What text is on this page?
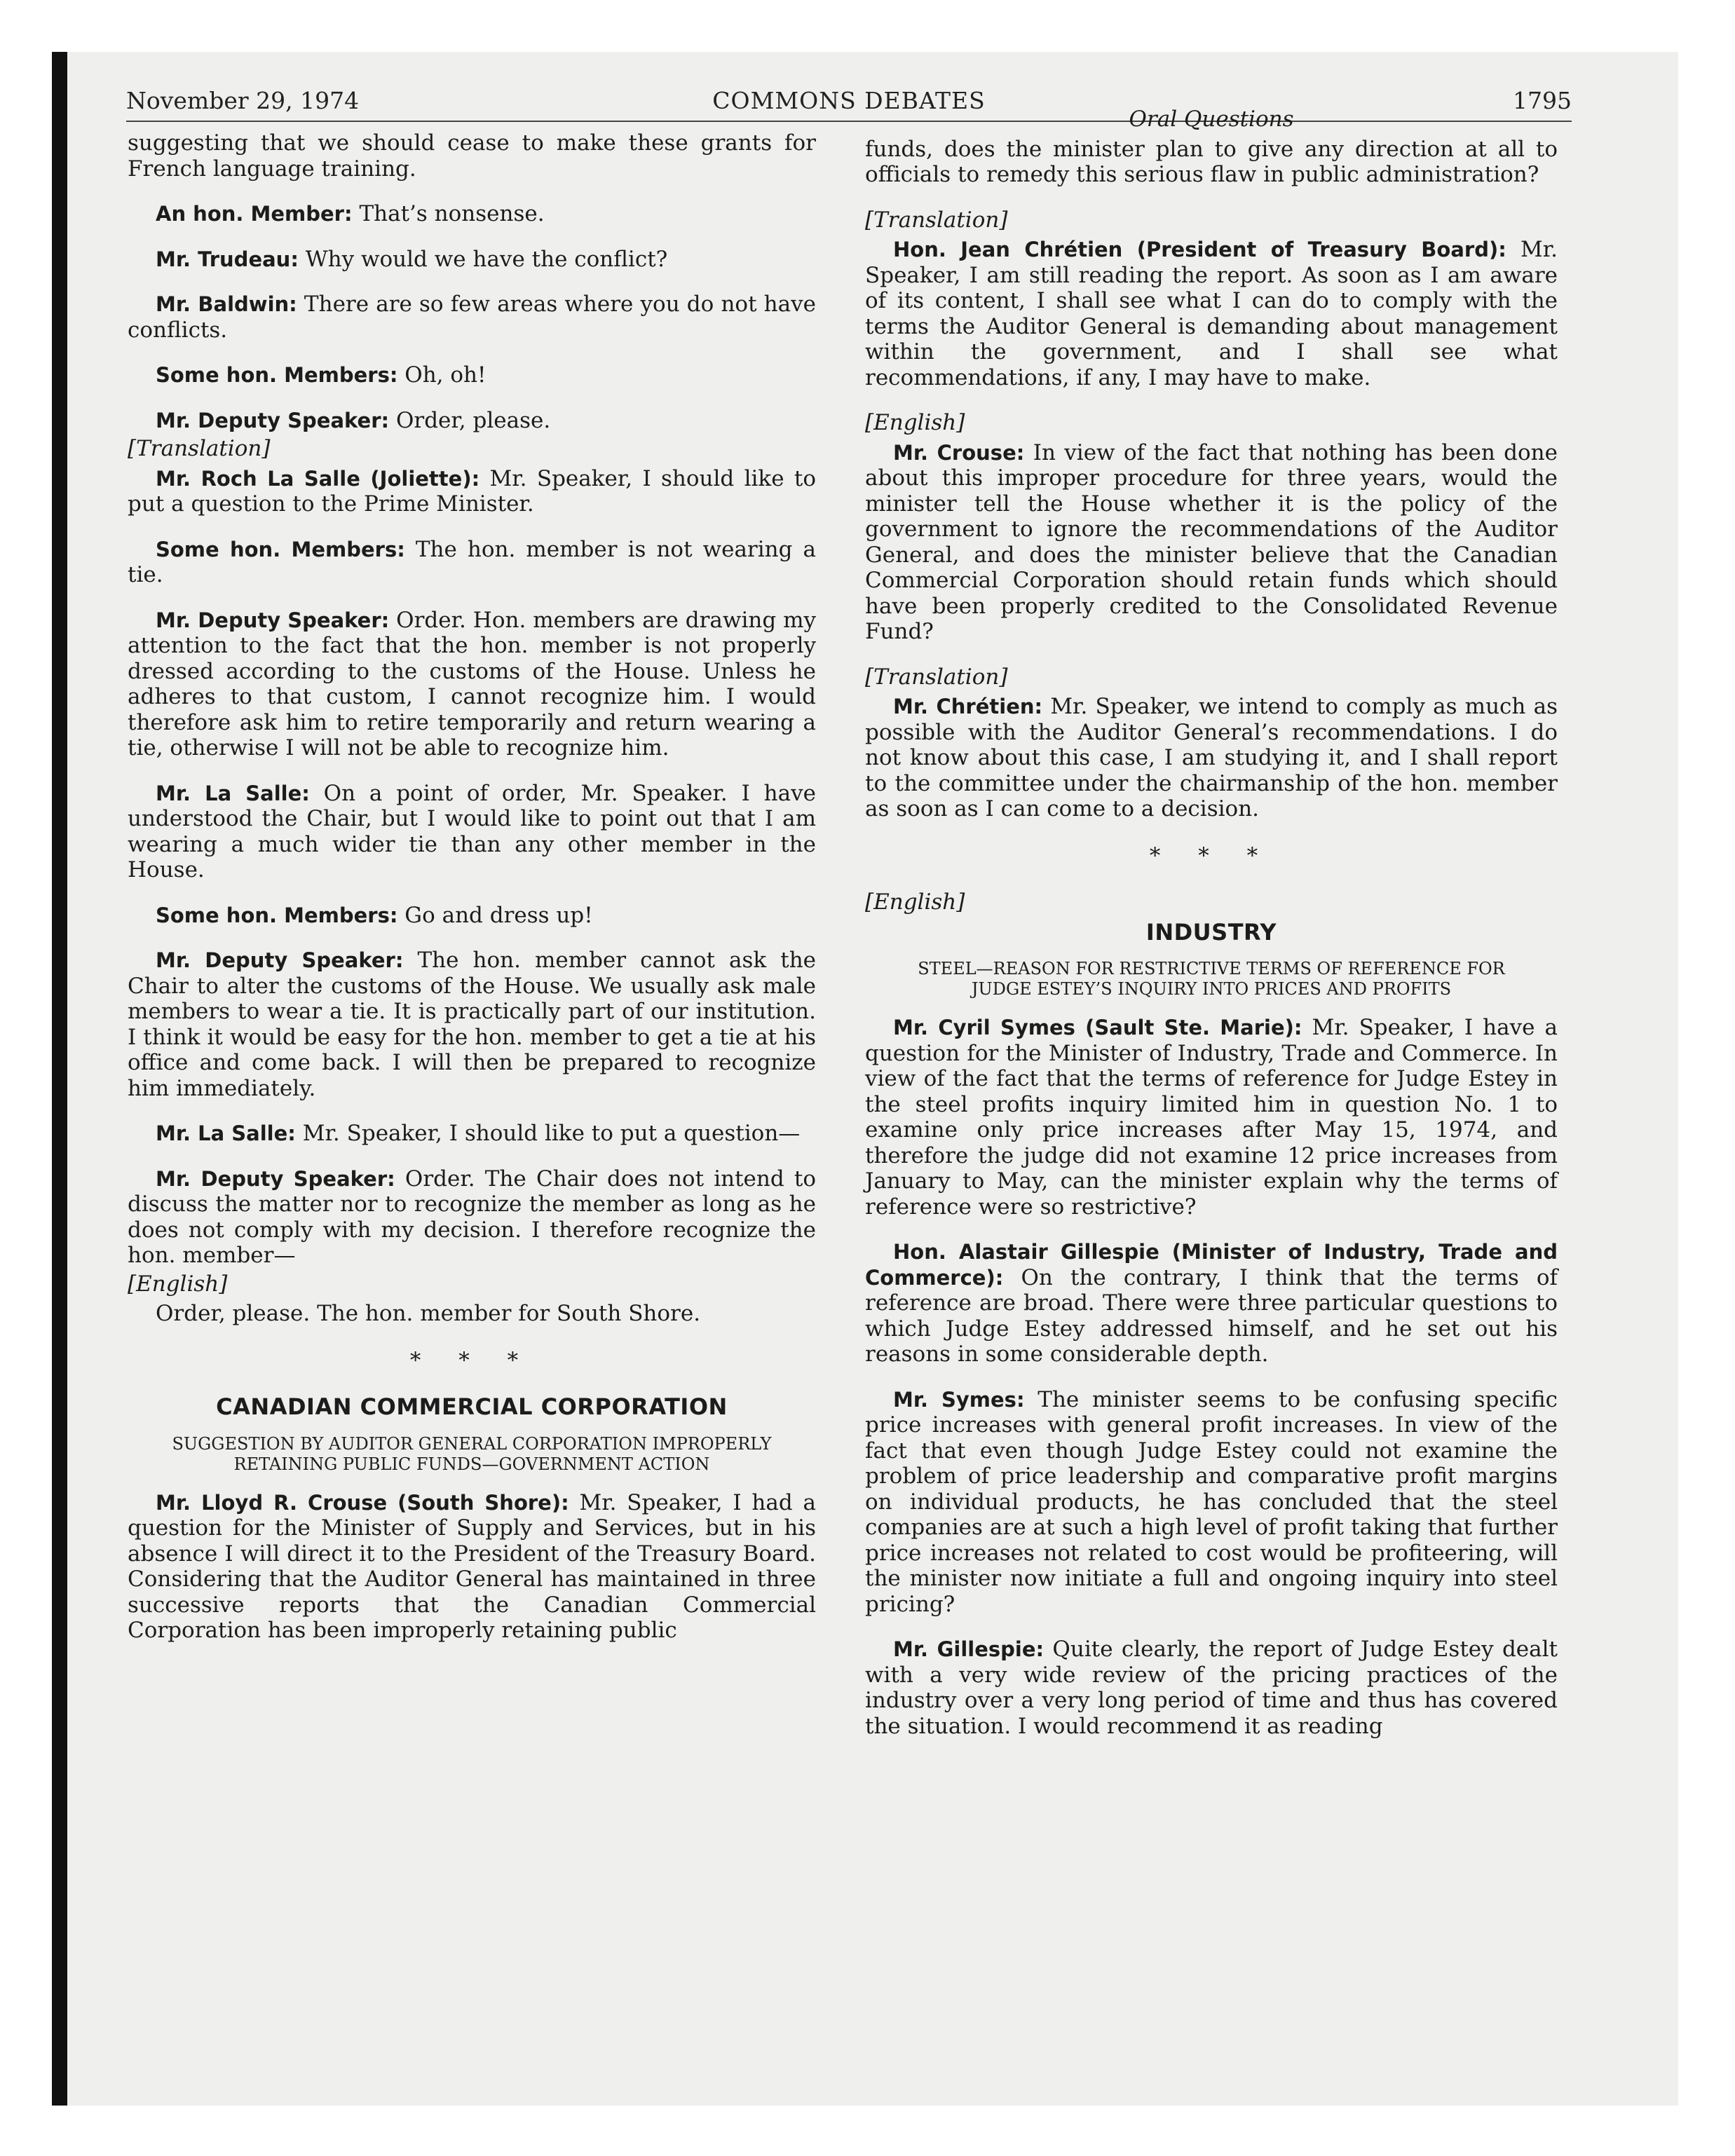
November 29, 1974	COMMONS DEBATES	1795

suggesting that we should cease to make these grants for French language training.

An hon. Member: That’s nonsense.

Mr. Trudeau: Why would we have the conflict?

Mr. Baldwin: There are so few areas where you do not have conflicts.

Some hon. Members: Oh, oh!

Mr. Deputy Speaker: Order, please.

[Translation]

Mr. Roch La Salle (Joliette): Mr. Speaker, I should like to put a question to the Prime Minister.

Some hon. Members: The hon. member is not wearing a tie.

Mr. Deputy Speaker: Order. Hon. members are drawing my attention to the fact that the hon. member is not properly dressed according to the customs of the House. Unless he adheres to that custom, I cannot recognize him. I would therefore ask him to retire temporarily and return wearing a tie, otherwise I will not be able to recognize him.

Mr. La Salle: On a point of order, Mr. Speaker. I have understood the Chair, but I would like to point out that I am wearing a much wider tie than any other member in the House.

Some hon. Members: Go and dress up!

Mr. Deputy Speaker: The hon. member cannot ask the Chair to alter the customs of the House. We usually ask male members to wear a tie. It is practically part of our institution. I think it would be easy for the hon. member to get a tie at his office and come back. I will then be prepared to recognize him immediately.

Mr. La Salle: Mr. Speaker, I should like to put a question—

Mr. Deputy Speaker: Order. The Chair does not intend to discuss the matter nor to recognize the member as long as he does not comply with my decision. I therefore recognize the hon. member—

[English]

Order, please. The hon. member for South Shore.

* * *
CANADIAN COMMERCIAL CORPORATION
SUGGESTION BY AUDITOR GENERAL CORPORATION IMPROPERLY RETAINING PUBLIC FUNDS—GOVERNMENT ACTION

Mr. Lloyd R. Crouse (South Shore): Mr. Speaker, I had a question for the Minister of Supply and Services, but in his absence I will direct it to the President of the Treasury Board. Considering that the Auditor General has maintained in three successive reports that the Canadian Commercial Corporation has been improperly retaining public

Oral Questions

funds, does the minister plan to give any direction at all to officials to remedy this serious flaw in public administration?

[Translation]

Hon. Jean Chrétien (President of Treasury Board): Mr. Speaker, I am still reading the report. As soon as I am aware of its content, I shall see what I can do to comply with the terms the Auditor General is demanding about management within the government, and I shall see what recommendations, if any, I may have to make.

[English]

Mr. Crouse: In view of the fact that nothing has been done about this improper procedure for three years, would the minister tell the House whether it is the policy of the government to ignore the recommendations of the Auditor General, and does the minister believe that the Canadian Commercial Corporation should retain funds which should have been properly credited to the Consolidated Revenue Fund?

[Translation]

Mr. Chrétien: Mr. Speaker, we intend to comply as much as possible with the Auditor General’s recommendations. I do not know about this case, I am studying it, and I shall report to the committee under the chairmanship of the hon. member as soon as I can come to a decision.

* * *
[English]
INDUSTRY
STEEL—REASON FOR RESTRICTIVE TERMS OF REFERENCE FOR JUDGE ESTEY’S INQUIRY INTO PRICES AND PROFITS

Mr. Cyril Symes (Sault Ste. Marie): Mr. Speaker, I have a question for the Minister of Industry, Trade and Commerce. In view of the fact that the terms of reference for Judge Estey in the steel profits inquiry limited him in question No. 1 to examine only price increases after May 15, 1974, and therefore the judge did not examine 12 price increases from January to May, can the minister explain why the terms of reference were so restrictive?

Hon. Alastair Gillespie (Minister of Industry, Trade and Commerce): On the contrary, I think that the terms of reference are broad. There were three particular questions to which Judge Estey addressed himself, and he set out his reasons in some considerable depth.

Mr. Symes: The minister seems to be confusing specific price increases with general profit increases. In view of the fact that even though Judge Estey could not examine the problem of price leadership and comparative profit margins on individual products, he has concluded that the steel companies are at such a high level of profit taking that further price increases not related to cost would be profiteering, will the minister now initiate a full and ongoing inquiry into steel pricing?

Mr. Gillespie: Quite clearly, the report of Judge Estey dealt with a very wide review of the pricing practices of the industry over a very long period of time and thus has covered the situation. I would recommend it as reading
